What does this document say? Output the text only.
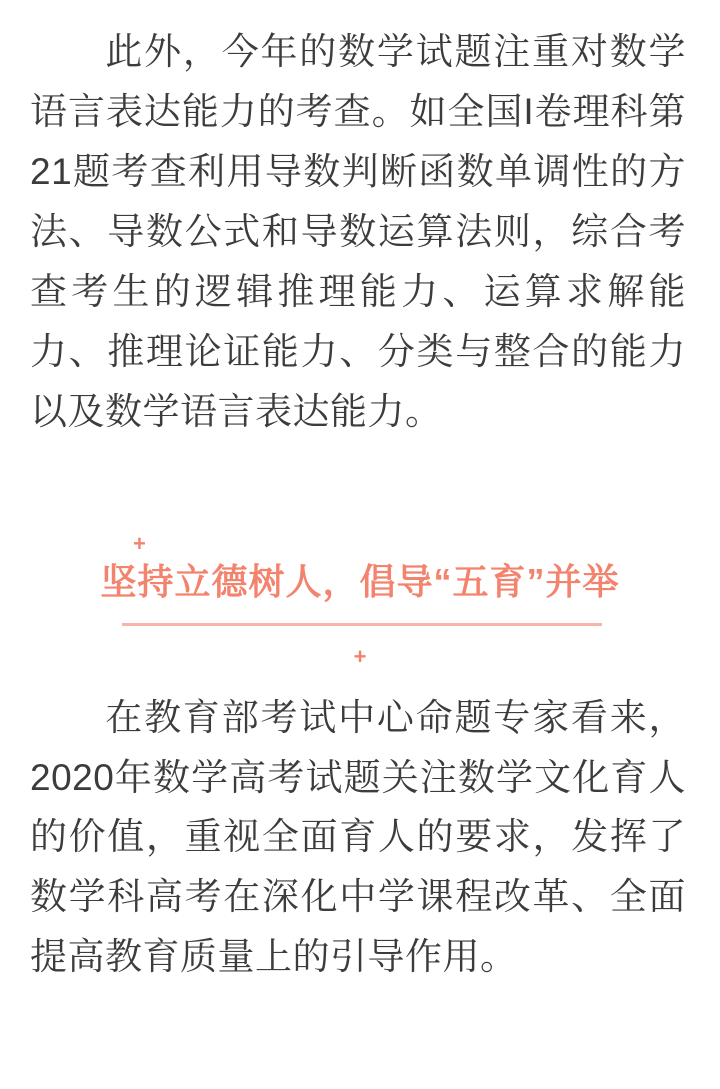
此外，今年的数学试题注重对数学语言表达能力的考查。如全国I卷理科第21题考查利用导数判断函数单调性的方法、导数公式和导数运算法则，综合考查考生的逻辑推理能力、运算求解能力、推理论证能力、分类与整合的能力以及数学语言表达能力。

+
坚持立德树人，倡导“五育”并举
+

在教育部考试中心命题专家看来，2020年数学高考试题关注数学文化育人的价值，重视全面育人的要求，发挥了数学科高考在深化中学课程改革、全面提高教育质量上的引导作用。
